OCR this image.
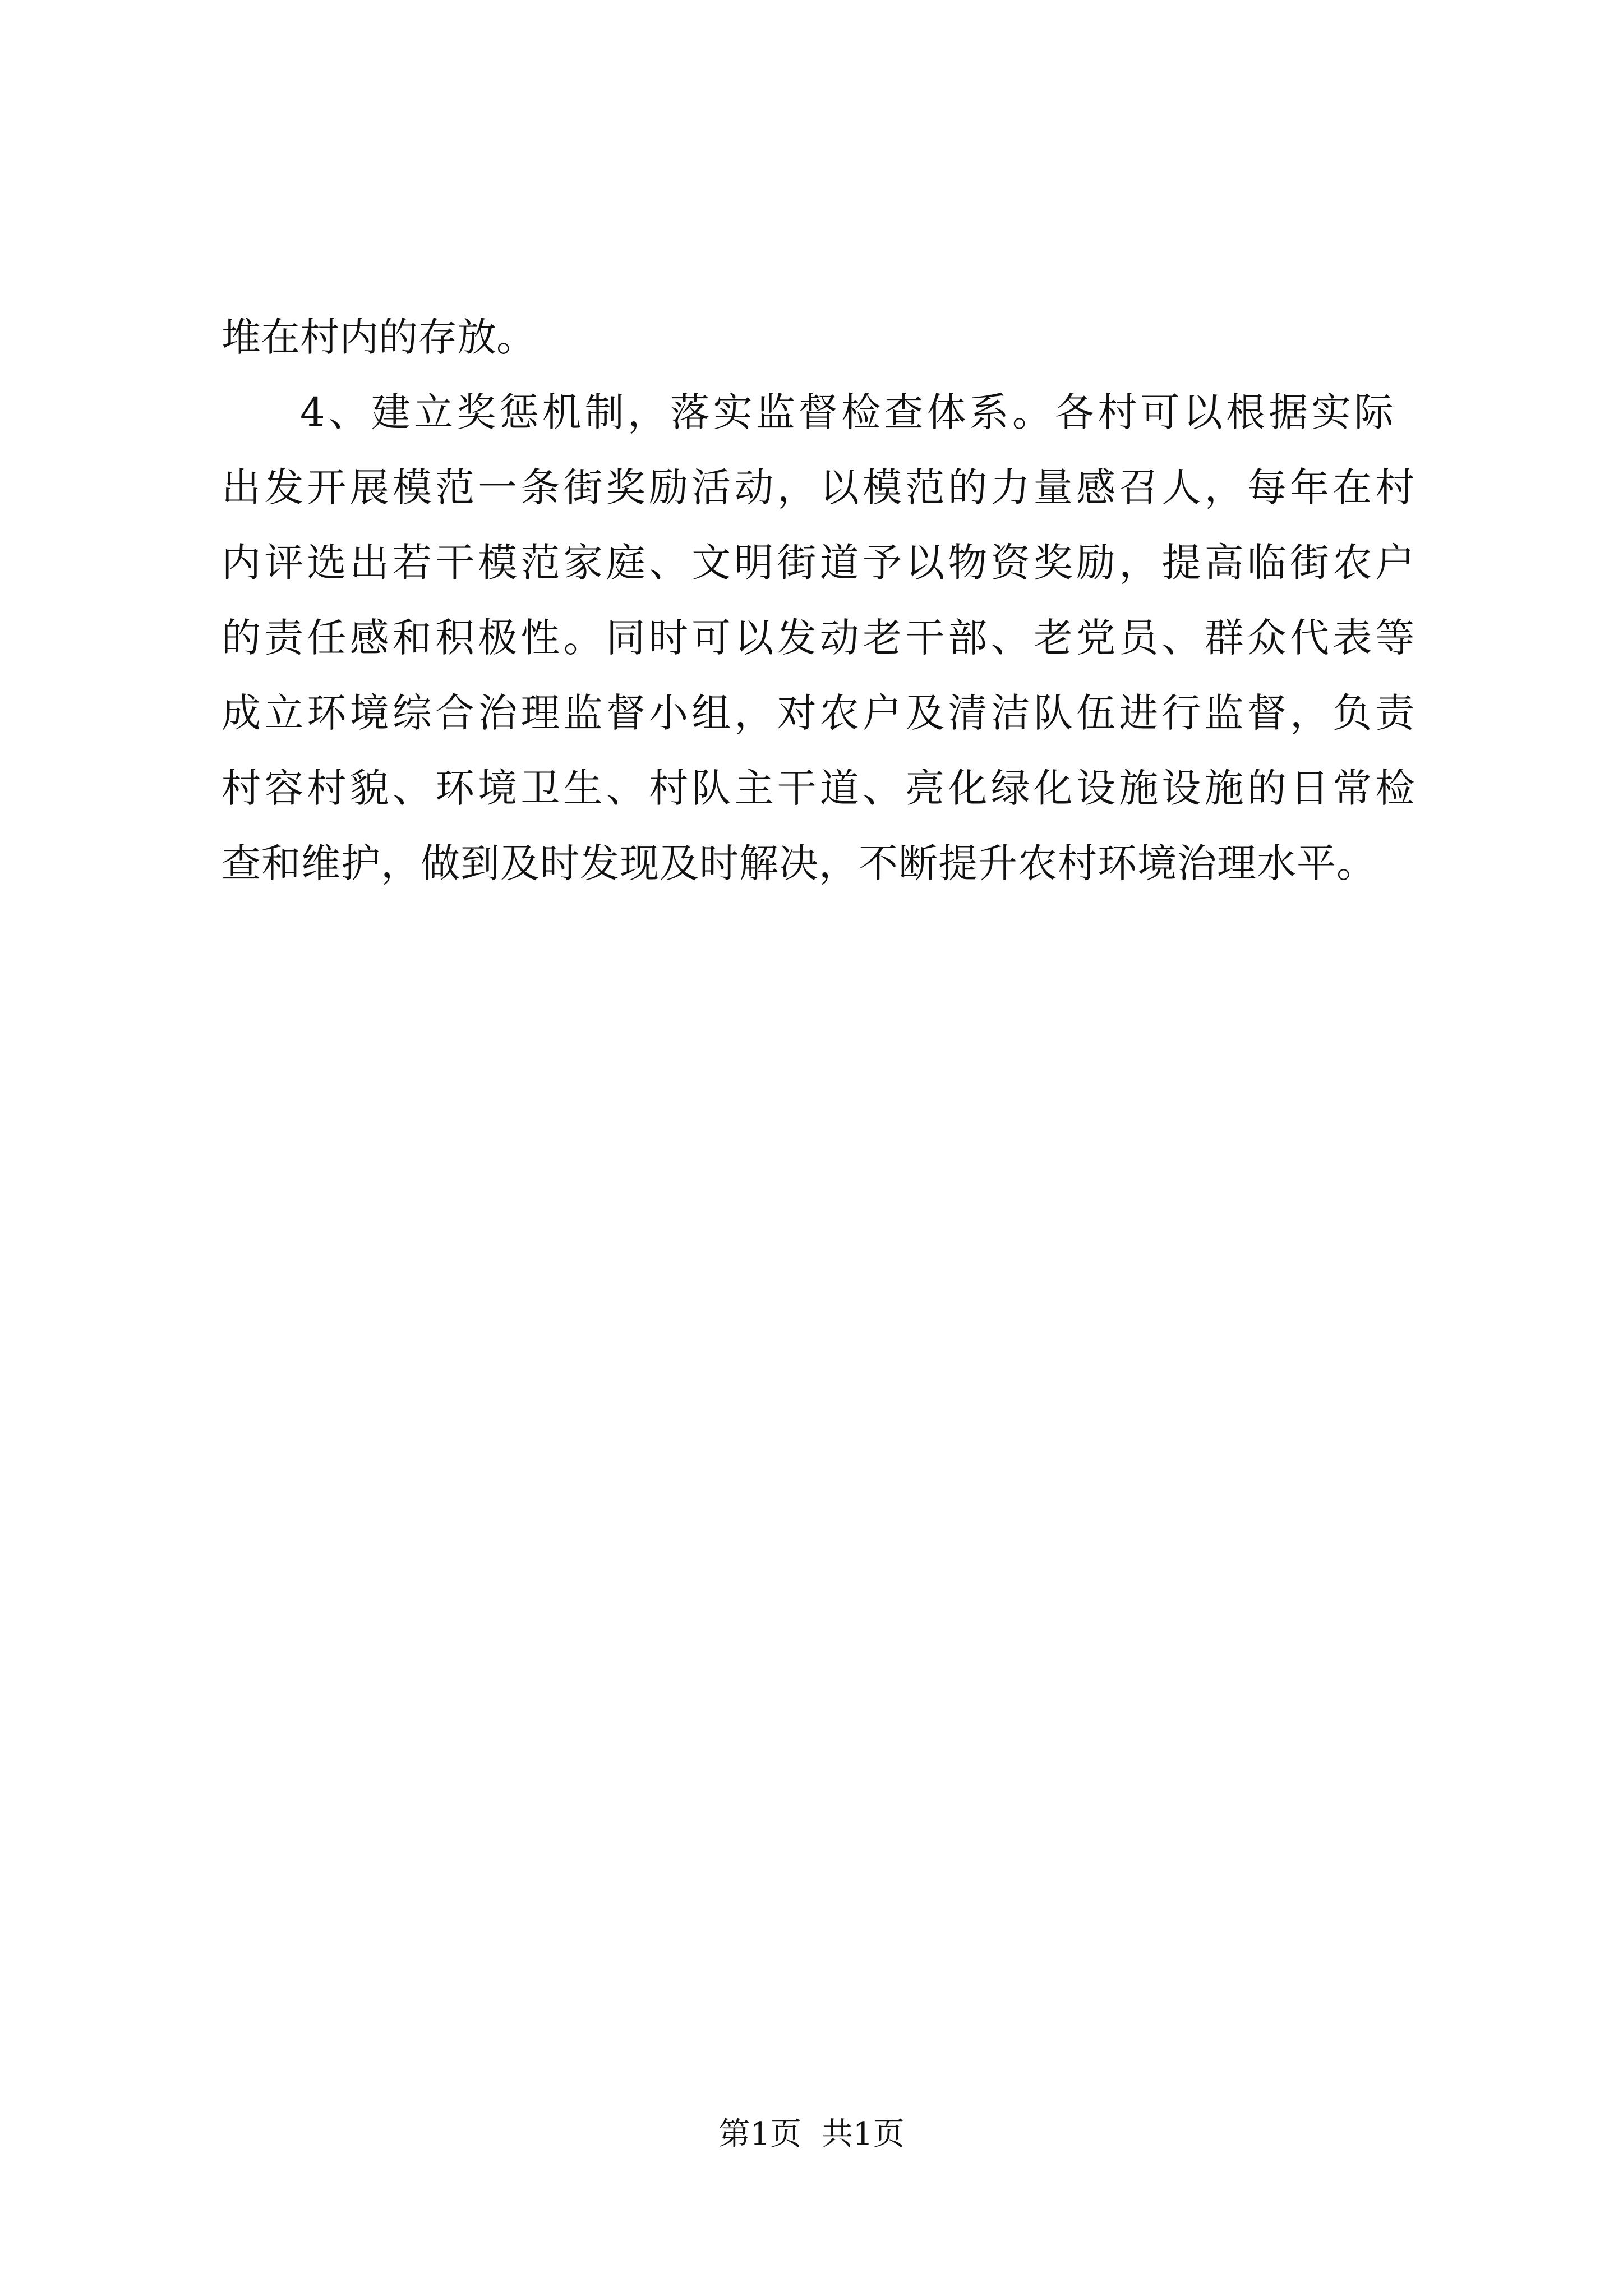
堆在村内的存放。
4、建立奖惩机制，落实监督检查体系。各村可以根据实际
出发开展模范一条街奖励活动，以模范的力量感召人，每年在村
内评选出若干模范家庭、文明街道予以物资奖励，提高临街农户
的责任感和积极性。同时可以发动老干部、老党员、群众代表等
成立环境综合治理监督小组，对农户及清洁队伍进行监督，负责
村容村貌、环境卫生、村队主干道、亮化绿化设施设施的日常检
查和维护，做到及时发现及时解决，不断提升农村环境治理水平。
第1页 共1页
